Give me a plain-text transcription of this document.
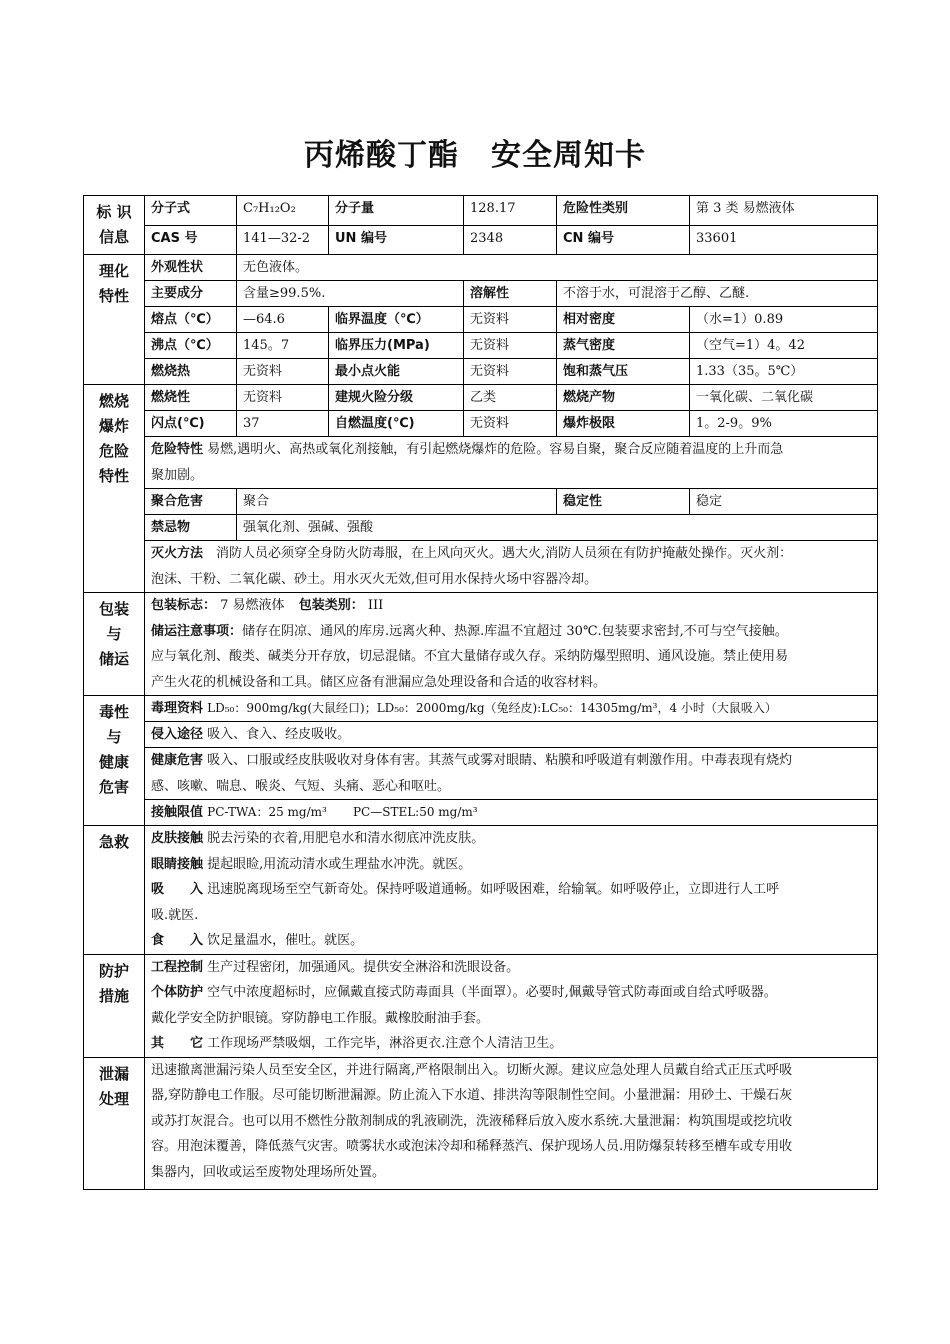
丙烯酸丁酯 安全周知卡
标 识
信息	分子式	C₇H₁₂O₂	分子量	128.17	危险性类别	第 3 类 易燃液体
	CAS 号	141—32-2	UN 编号	2348	CN 编号	33601
理化
特性	外观性状	无色液体。				
	主要成分	含量≥99.5%.		溶解性	不溶于水，可混溶于乙醇、乙醚.	
	熔点（℃）	—64.6	临界温度（℃）	无资料	相对密度	（水=1）0.89
	沸点（℃）	145。7	临界压力(MPa)	无资料	蒸气密度	（空气=1）4。42
	燃烧热	无资料	最小点火能	无资料	饱和蒸气压	1.33（35。5℃）
燃烧
爆炸
危险
特性	燃烧性	无资料	建规火险分级	乙类	燃烧产物	一氧化碳、二氧化碳
	闪点(℃)	37	自燃温度(℃)	无资料	爆炸极限	1。2-9。9%

	危险特性 易燃,遇明火、高热或氧化剂接触，有引起燃烧爆炸的危险。容易自聚，聚合反应随着温度的上升而急
聚加剧。					

	聚合危害	聚合			稳定性	稳定
	禁忌物	强氧化剂、强碱、强酸				

	灭火方法　 消防人员必须穿全身防火防毒服，在上风向灭火。遇大火,消防人员须在有防护掩蔽处操作。灭火剂：
泡沫、干粉、二氧化碳、砂土。用水灭火无效,但可用水保持火场中容器冷却。					

包装
与
储运	包装标志： 7 易燃液体 包装类别： III
储运注意事项：储存在阴凉、通风的库房.远离火种、热源.库温不宜超过 30℃.包装要求密封,不可与空气接触。
应与氧化剂、酸类、碱类分开存放，切忌混储。不宜大量储存或久存。采纳防爆型照明、通风设施。禁止使用易
产生火花的机械设备和工具。储区应备有泄漏应急处理设备和合适的收容材料。					

毒性
与
健康
危害	毒理资料 LD₅₀：900mg/kg(大鼠经口)；LD₅₀：2000mg/kg（兔经皮):LC₅₀：14305mg/m³，4 小时（大鼠吸入）					
	侵入途径 吸入、食入、经皮吸收。					

	健康危害 吸入、口服或经皮肤吸收对身体有害。其蒸气或雾对眼睛、粘膜和呼吸道有刺激作用。中毒表现有烧灼
感、咳嗽、喘息、喉炎、气短、头痛、恶心和呕吐。					

	接触限值 PC-TWA：25 mg/m³ PC—STEL:50 mg/m³					
急救	皮肤接触 脱去污染的衣着,用肥皂水和清水彻底冲洗皮肤。
眼睛接触 提起眼睑,用流动清水或生理盐水冲洗。就医。
吸　　入 迅速脱离现场至空气新奇处。保持呼吸道通畅。如呼吸困难，给输氧。如呼吸停止，立即进行人工呼
吸.就医.
食　　入 饮足量温水，催吐。就医。					

防护
措施	工程控制 生产过程密闭，加强通风。提供安全淋浴和洗眼设备。
个体防护 空气中浓度超标时，应佩戴直接式防毒面具（半面罩）。必要时,佩戴导管式防毒面或自给式呼吸器。
戴化学安全防护眼镜。穿防静电工作服。戴橡胶耐油手套。
其　　它 工作现场严禁吸烟，工作完毕，淋浴更衣.注意个人清洁卫生。					

泄漏
处理	迅速撤离泄漏污染人员至安全区，并进行隔离,严格限制出入。切断火源。建议应急处理人员戴自给式正压式呼吸
器,穿防静电工作服。尽可能切断泄漏源。防止流入下水道、排洪沟等限制性空间。小量泄漏：用砂土、干燥石灰
或苏打灰混合。也可以用不燃性分散剂制成的乳液刷洗，洗液稀释后放入废水系统.大量泄漏：构筑围堤或挖坑收
容。用泡沫覆善，降低蒸气灾害。喷雾状水或泡沫冷却和稀释蒸汽、保护现场人员.用防爆泵转移至槽车或专用收
集器内，回收或运至废物处理场所处置。					
